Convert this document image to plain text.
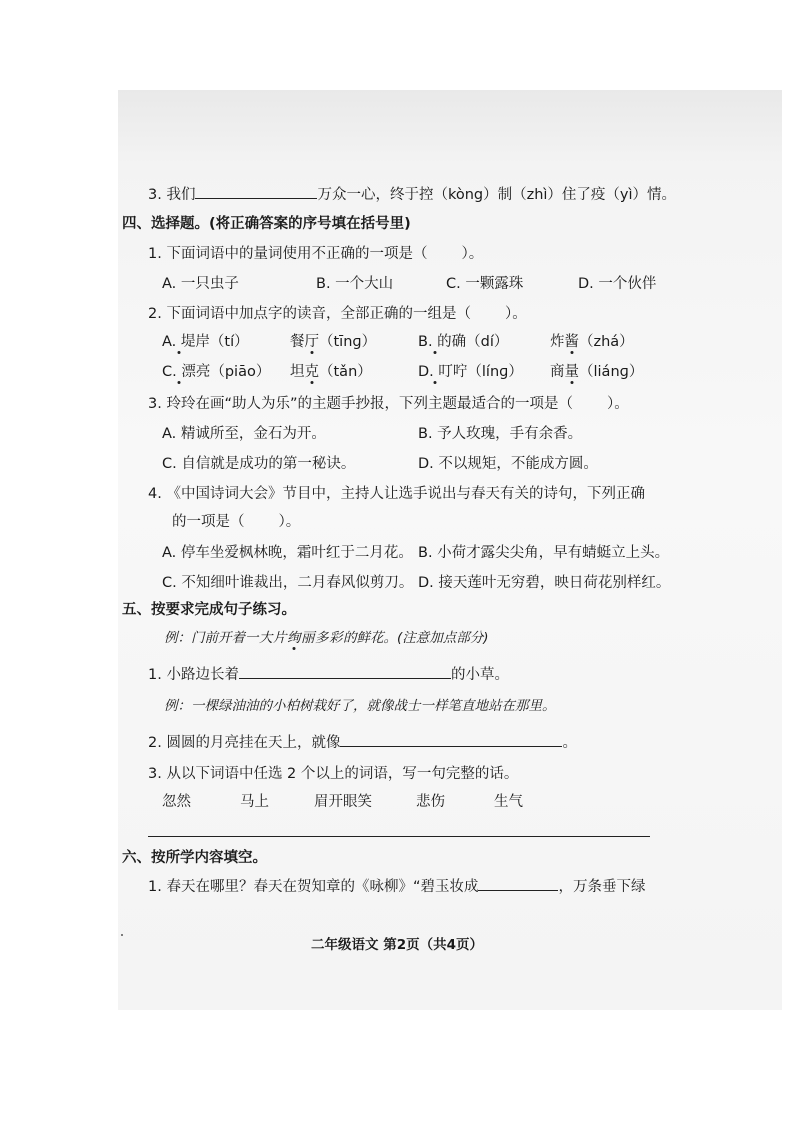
3. 我们	万众一心，终于控（kòng）制（zhì）住了疫（yì）情。
四、选择题。(将正确答案的序号填在括号里)
1. 下面词语中的量词使用不正确的一项是（ ）。
A. 一只虫子	B. 一个大山	C. 一颗露珠	D. 一个伙伴
2. 下面词语中加点字的读音，全部正确的一组是（ ）。
A. 堤岸（tí）	餐厅（tīnɡ）	B. 的确（dí）	炸酱（zhá）
C. 漂亮（piāo） 坦克（tǎn）	D. 叮咛（línɡ） 商量（liánɡ）
3. 玲玲在画“助人为乐”的主题手抄报，下列主题最适合的一项是（ ）。
A. 精诚所至，金石为开。	B. 予人玫瑰，手有余香。
C. 自信就是成功的第一秘诀。	D. 不以规矩，不能成方圆。
4. 《中国诗词大会》节目中，主持人让选手说出与春天有关的诗句，下列正确
的一项是（ ）。
A. 停车坐爱枫林晚，霜叶红于二月花。 B. 小荷才露尖尖角，早有蜻蜓立上头。
C. 不知细叶谁裁出，二月春风似剪刀。 D. 接天莲叶无穷碧，映日荷花别样红。
五、按要求完成句子练习。
例：门前开着一大片绚丽多彩的鲜花。(注意加点部分)
1. 小路边长着	的小草。
例：一棵绿油油的小柏树栽好了，就像战士一样笔直地站在那里。
2. 圆圆的月亮挂在天上，就像	。
3. 从以下词语中任选 2 个以上的词语，写一句完整的话。
忽然	马上	眉开眼笑	悲伤	生气
六、按所学内容填空。
1. 春天在哪里？春天在贺知章的《咏柳》“碧玉妆成	，万条垂下绿
二年级语文 第2页（共4页）
